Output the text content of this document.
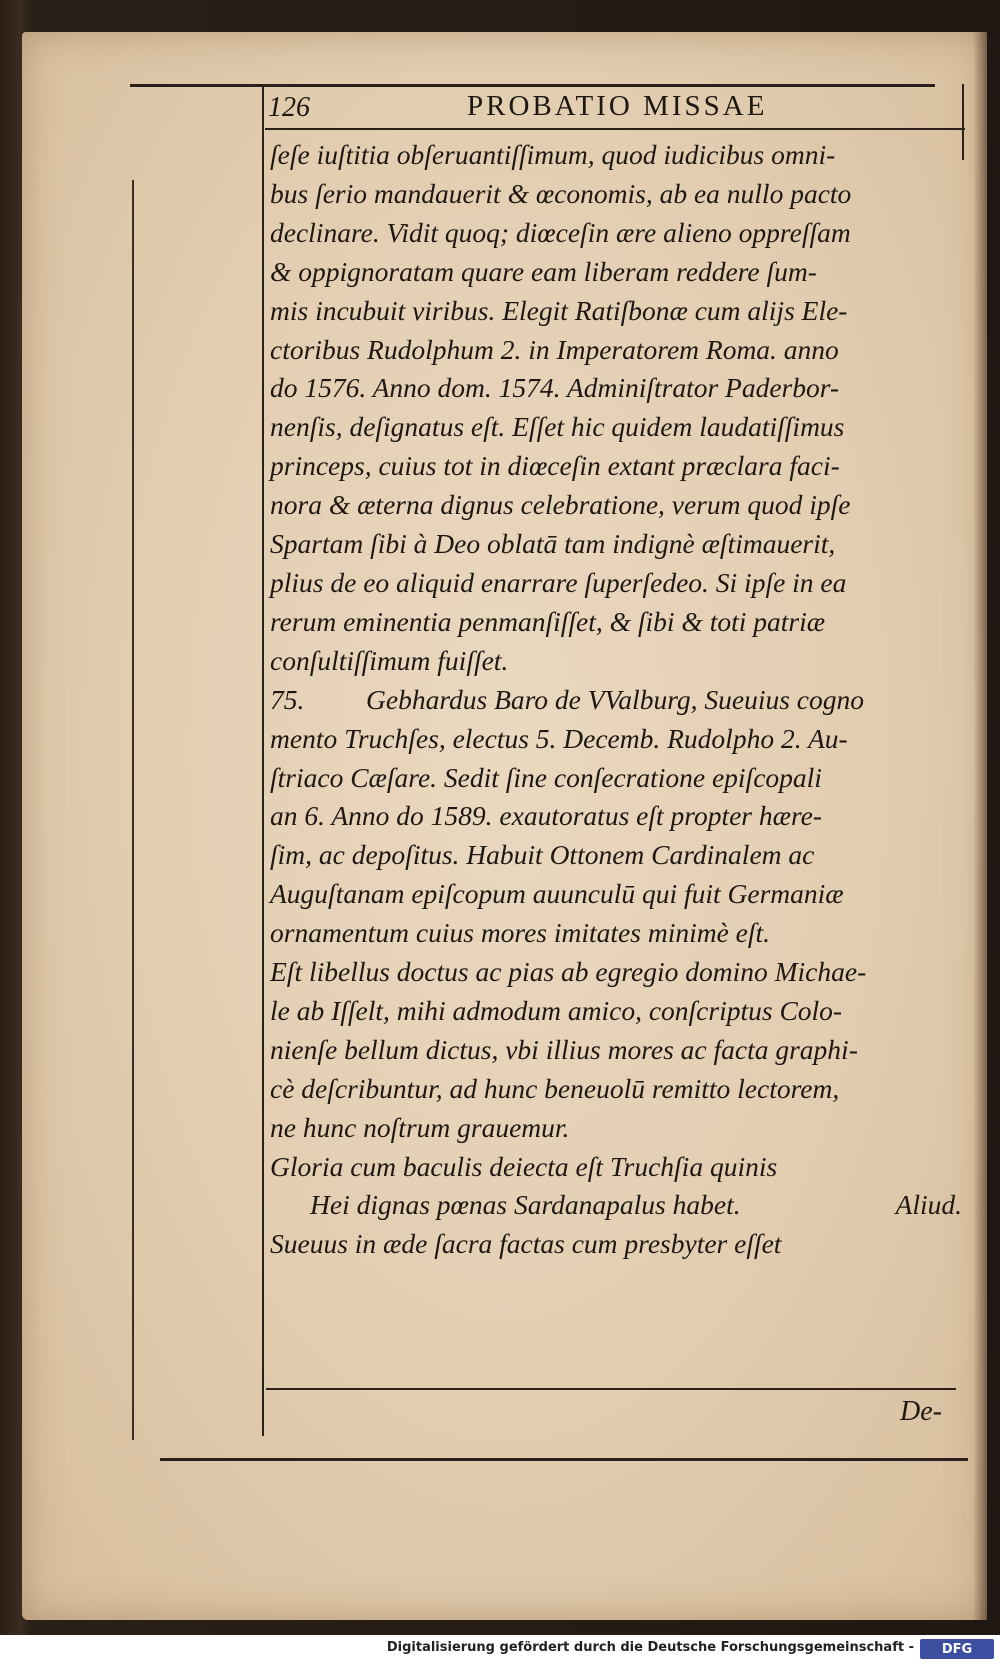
126	PROBATIO MISSAE
ſeſe iuſtitia obſeruantiſſimum, quod iudicibus omni-
bus ſerio mandauerit & œconomis, ab ea nullo pacto
declinare. Vidit quoq; diœceſin ære alieno oppreſſam
& oppignoratam quare eam liberam reddere ſum-
mis incubuit viribus. Elegit Ratiſbonæ cum alijs Ele-
ctoribus Rudolphum 2. in Imperatorem Roma. anno
do 1576. Anno dom. 1574. Adminiſtrator Paderbor-
nenſis, deſignatus eſt. Eſſet hic quidem laudatiſſimus
princeps, cuius tot in diœceſin extant præclara faci-
nora & æterna dignus celebratione, verum quod ipſe
Spartam ſibi à Deo oblatā tam indignè æſtimauerit,
plius de eo aliquid enarrare ſuperſedeo. Si ipſe in ea
rerum eminentia penmanſiſſet, & ſibi & toti patriæ
conſultiſſimum fuiſſet.
75. Gebhardus Baro de VValburg, Sueuius cogno
mento Truchſes, electus 5. Decemb. Rudolpho 2. Au-
ſtriaco Cæſare. Sedit ſine conſecratione epiſcopali
an 6. Anno do 1589. exautoratus eſt propter hære-
ſim, ac depoſitus. Habuit Ottonem Cardinalem ac
Auguſtanam epiſcopum auunculū qui fuit Germaniæ
ornamentum cuius mores imitates minimè eſt.
Eſt libellus doctus ac pias ab egregio domino Michae-
le ab Iſſelt, mihi admodum amico, conſcriptus Colo-
nienſe bellum dictus, vbi illius mores ac facta graphi-
cè deſcribuntur, ad hunc beneuolū remitto lectorem,
ne hunc noſtrum grauemur.
Gloria cum baculis deiecta eſt Truchſia quinis
Hei dignas pœnas Sardanapalus habet.	Aliud.
Sueuus in æde ſacra factas cum presbyter eſſet
De-
Digitalisierung gefördert durch die Deutsche Forschungsgemeinschaft -	DFG
